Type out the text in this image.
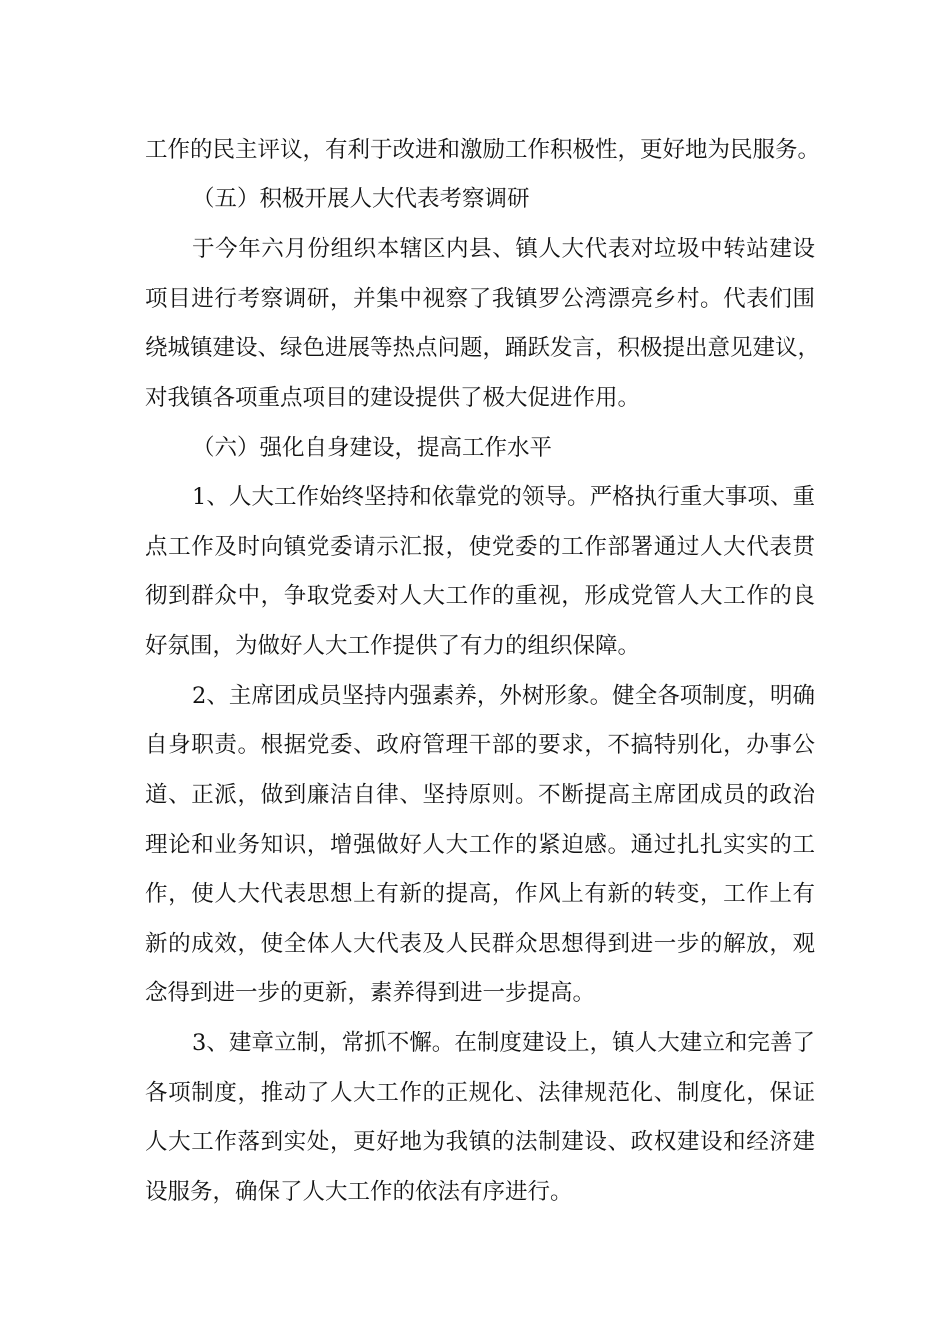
工作的民主评议，有利于改进和激励工作积极性，更好地为民服务。
（五）积极开展人大代表考察调研
于今年六月份组织本辖区内县、镇人大代表对垃圾中转站建设
项目进行考察调研，并集中视察了我镇罗公湾漂亮乡村。代表们围
绕城镇建设、绿色进展等热点问题，踊跃发言，积极提出意见建议，
对我镇各项重点项目的建设提供了极大促进作用。
（六）强化自身建设，提高工作水平
1、人大工作始终坚持和依靠党的领导。严格执行重大事项、重
点工作及时向镇党委请示汇报，使党委的工作部署通过人大代表贯
彻到群众中，争取党委对人大工作的重视，形成党管人大工作的良
好氛围，为做好人大工作提供了有力的组织保障。
2、主席团成员坚持内强素养，外树形象。健全各项制度，明确
自身职责。根据党委、政府管理干部的要求，不搞特别化，办事公
道、正派，做到廉洁自律、坚持原则。不断提高主席团成员的政治
理论和业务知识，增强做好人大工作的紧迫感。通过扎扎实实的工
作，使人大代表思想上有新的提高，作风上有新的转变，工作上有
新的成效，使全体人大代表及人民群众思想得到进一步的解放，观
念得到进一步的更新，素养得到进一步提高。
3、建章立制，常抓不懈。在制度建设上，镇人大建立和完善了
各项制度，推动了人大工作的正规化、法律规范化、制度化，保证
人大工作落到实处，更好地为我镇的法制建设、政权建设和经济建
设服务，确保了人大工作的依法有序进行。
